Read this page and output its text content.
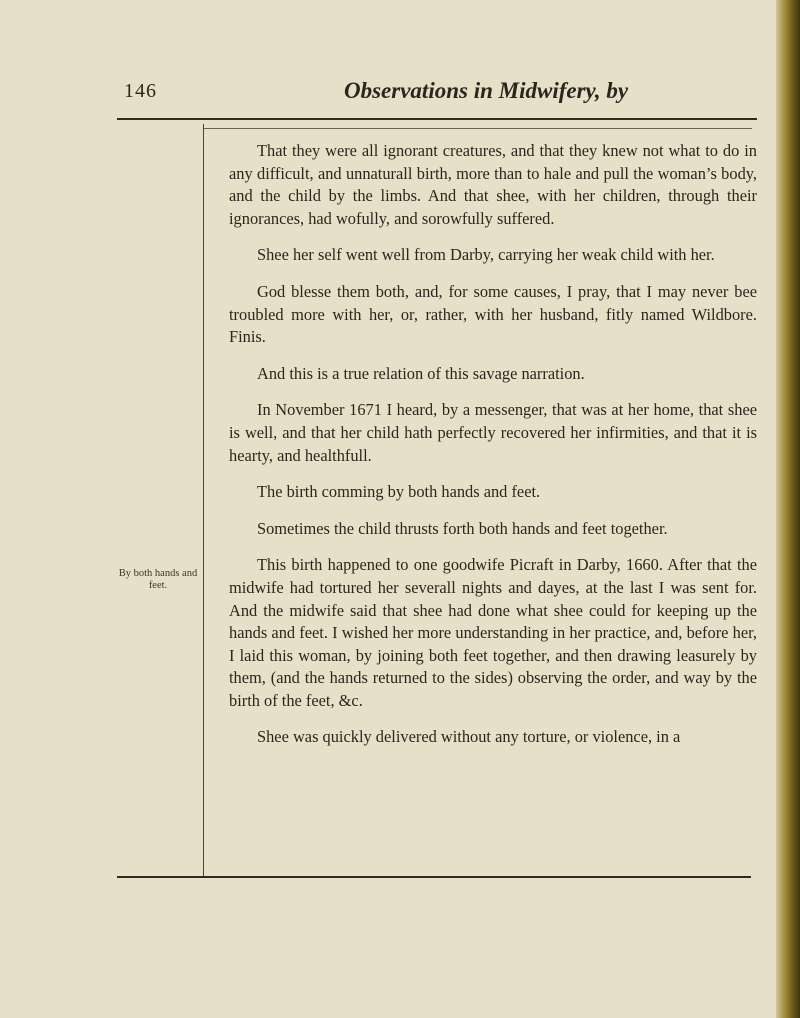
146	Observations in Midwifery, by
By both hands and feet.

That they were all ignorant creatures, and that they knew not what to do in any difficult, and unnaturall birth, more than to hale and pull the woman’s body, and the child by the limbs. And that shee, with her children, through their ignorances, had wofully, and sorowfully suffered.

Shee her self went well from Darby, carrying her weak child with her.

God blesse them both, and, for some causes, I pray, that I may never bee troubled more with her, or, rather, with her husband, fitly named Wildbore. Finis.

And this is a true relation of this savage narration.

In November 1671 I heard, by a messenger, that was at her home, that shee is well, and that her child hath perfectly recovered her infirmities, and that it is hearty, and healthfull.

The birth comming by both hands and feet.

Sometimes the child thrusts forth both hands and feet together.

This birth happened to one goodwife Picraft in Darby, 1660. After that the midwife had tortured her severall nights and dayes, at the last I was sent for. And the midwife said that shee had done what shee could for keeping up the hands and feet. I wished her more understanding in her practice, and, before her, I laid this woman, by joining both feet together, and then drawing leasurely by them, (and the hands returned to the sides) observing the order, and way by the birth of the feet, &c.

Shee was quickly delivered without any torture, or violence, in a
